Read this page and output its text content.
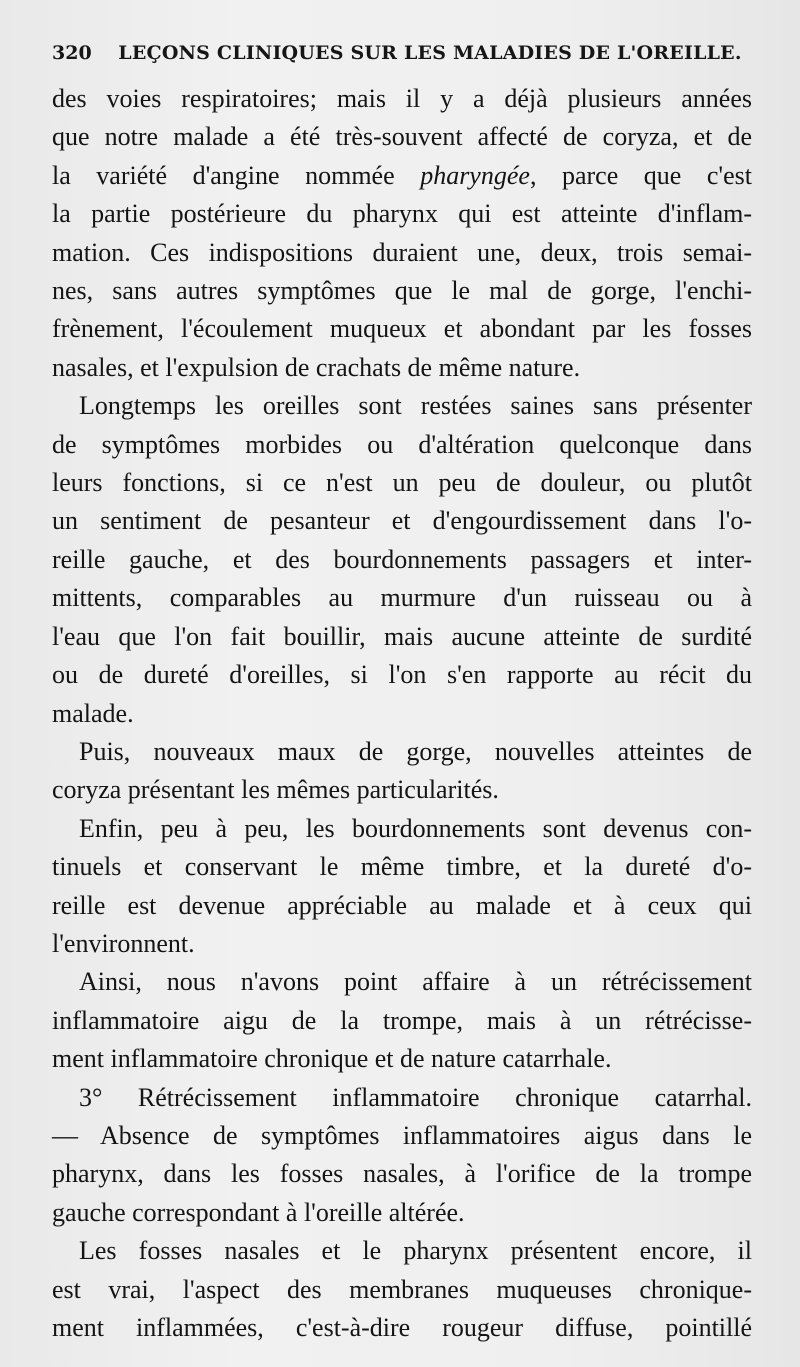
320 LEÇONS CLINIQUES SUR LES MALADIES DE L'OREILLE.
des voies respiratoires; mais il y a déjà plusieurs années
que notre malade a été très-souvent affecté de coryza, et de
la variété d'angine nommée pharyngée, parce que c'est
la partie postérieure du pharynx qui est atteinte d'inflam-
mation. Ces indispositions duraient une, deux, trois semai-
nes, sans autres symptômes que le mal de gorge, l'enchi-
frènement, l'écoulement muqueux et abondant par les fosses
nasales, et l'expulsion de crachats de même nature.
Longtemps les oreilles sont restées saines sans présenter
de symptômes morbides ou d'altération quelconque dans
leurs fonctions, si ce n'est un peu de douleur, ou plutôt
un sentiment de pesanteur et d'engourdissement dans l'o-
reille gauche, et des bourdonnements passagers et inter-
mittents, comparables au murmure d'un ruisseau ou à
l'eau que l'on fait bouillir, mais aucune atteinte de surdité
ou de dureté d'oreilles, si l'on s'en rapporte au récit du
malade.
Puis, nouveaux maux de gorge, nouvelles atteintes de
coryza présentant les mêmes particularités.
Enfin, peu à peu, les bourdonnements sont devenus con-
tinuels et conservant le même timbre, et la dureté d'o-
reille est devenue appréciable au malade et à ceux qui
l'environnent.
Ainsi, nous n'avons point affaire à un rétrécissement
inflammatoire aigu de la trompe, mais à un rétrécisse-
ment inflammatoire chronique et de nature catarrhale.
3° Rétrécissement inflammatoire chronique catarrhal.
— Absence de symptômes inflammatoires aigus dans le
pharynx, dans les fosses nasales, à l'orifice de la trompe
gauche correspondant à l'oreille altérée.
Les fosses nasales et le pharynx présentent encore, il
est vrai, l'aspect des membranes muqueuses chronique-
ment inflammées, c'est-à-dire rougeur diffuse, pointillé
